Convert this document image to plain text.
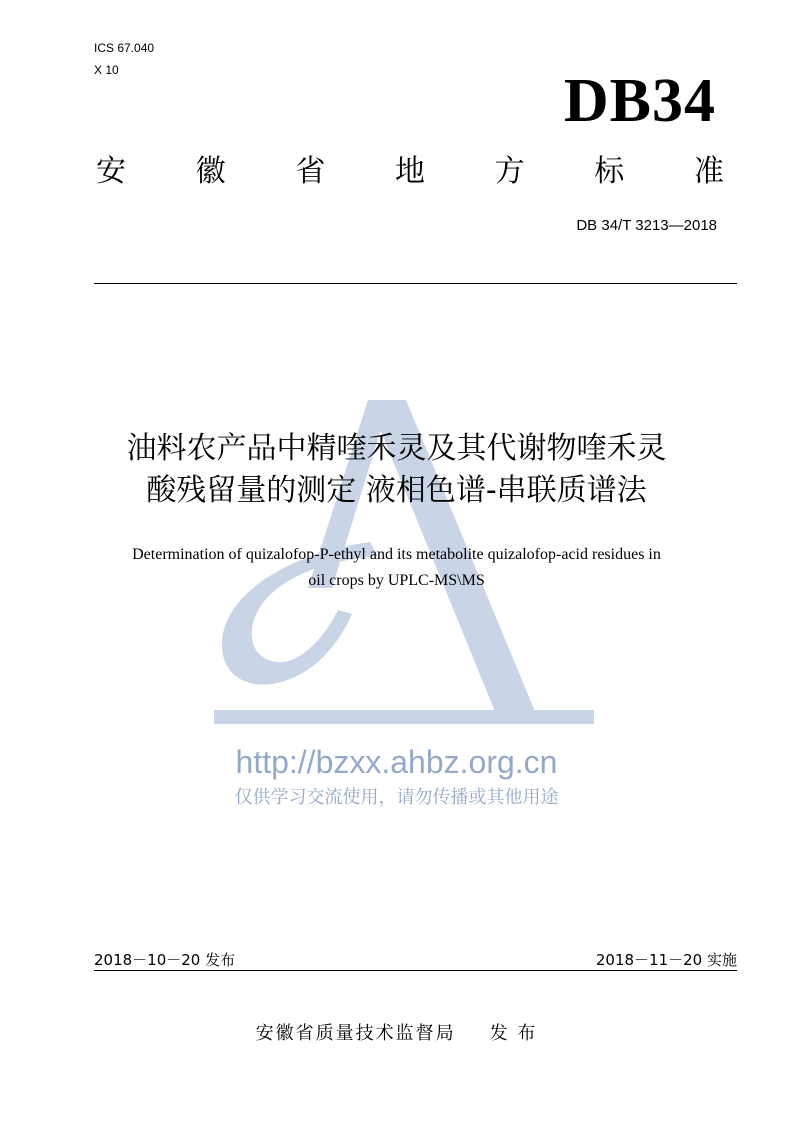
ICS 67.040
X 10	DB34
安 徽 省 地 方 标 准
DB 34/T 3213—2018
油料农产品中精喹禾灵及其代谢物喹禾灵
酸残留量的测定 液相色谱-串联质谱法
Determination of quizalofop-P-ethyl and its metabolite quizalofop-acid residues in
oil crops by UPLC-MS\MS
http://bzxx.ahbz.org.cn
仅供学习交流使用，请勿传播或其他用途
2018－10－20 发布	2018－11－20 实施
安徽省质量技术监督局 发 布
